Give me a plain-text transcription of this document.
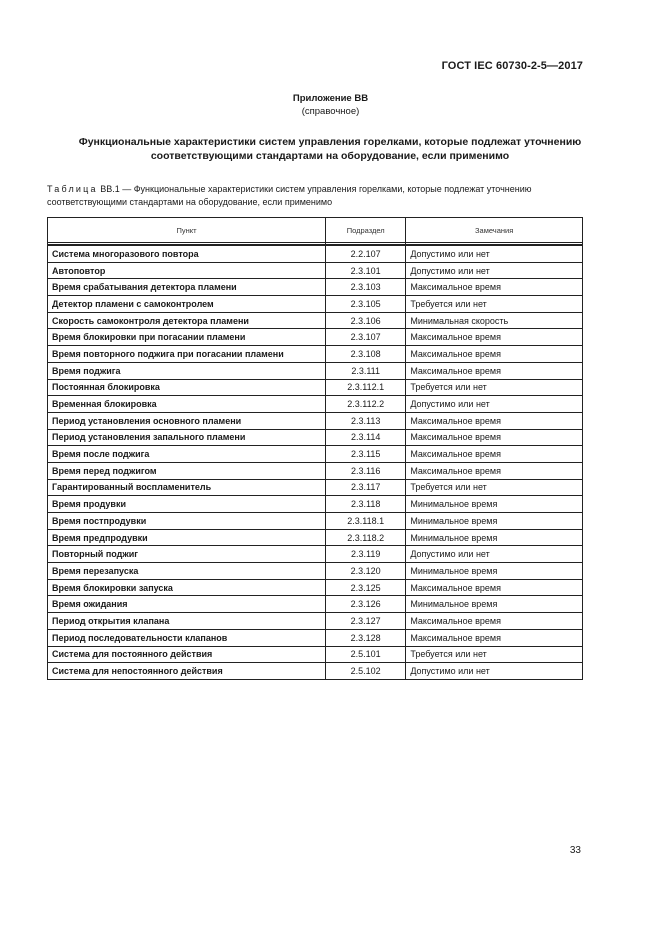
ГОСТ IEC 60730-2-5—2017
Приложение ВВ
(справочное)
Функциональные характеристики систем управления горелками, которые подлежат уточнению
соответствующими стандартами на оборудование, если применимо
Таблица ВВ.1 — Функциональные характеристики систем управления горелками, которые подлежат уточнению
соответствующими стандартами на оборудование, если применимо
Пункт	Подраздел	Замечания

Система многоразового повтора	2.2.107	Допустимо или нет
Автоповтор	2.3.101	Допустимо или нет
Время срабатывания детектора пламени	2.3.103	Максимальное время
Детектор пламени с самоконтролем	2.3.105	Требуется или нет
Скорость самоконтроля детектора пламени	2.3.106	Минимальная скорость
Время блокировки при погасании пламени	2.3.107	Максимальное время
Время повторного поджига при погасании пламени	2.3.108	Максимальное время
Время поджига	2.3.111	Максимальное время
Постоянная блокировка	2.3.112.1	Требуется или нет
Временная блокировка	2.3.112.2	Допустимо или нет
Период установления основного пламени	2.3.113	Максимальное время
Период установления запального пламени	2.3.114	Максимальное время
Время после поджига	2.3.115	Максимальное время
Время перед поджигом	2.3.116	Максимальное время
Гарантированный воспламенитель	2.3.117	Требуется или нет
Время продувки	2.3.118	Минимальное время
Время постпродувки	2.3.118.1	Минимальное время
Время предпродувки	2.3.118.2	Минимальное время
Повторный поджиг	2.3.119	Допустимо или нет
Время перезапуска	2.3.120	Минимальное время
Время блокировки запуска	2.3.125	Максимальное время
Время ожидания	2.3.126	Минимальное время
Период открытия клапана	2.3.127	Максимальное время
Период последовательности клапанов	2.3.128	Максимальное время
Система для постоянного действия	2.5.101	Требуется или нет
Система для непостоянного действия	2.5.102	Допустимо или нет
33
